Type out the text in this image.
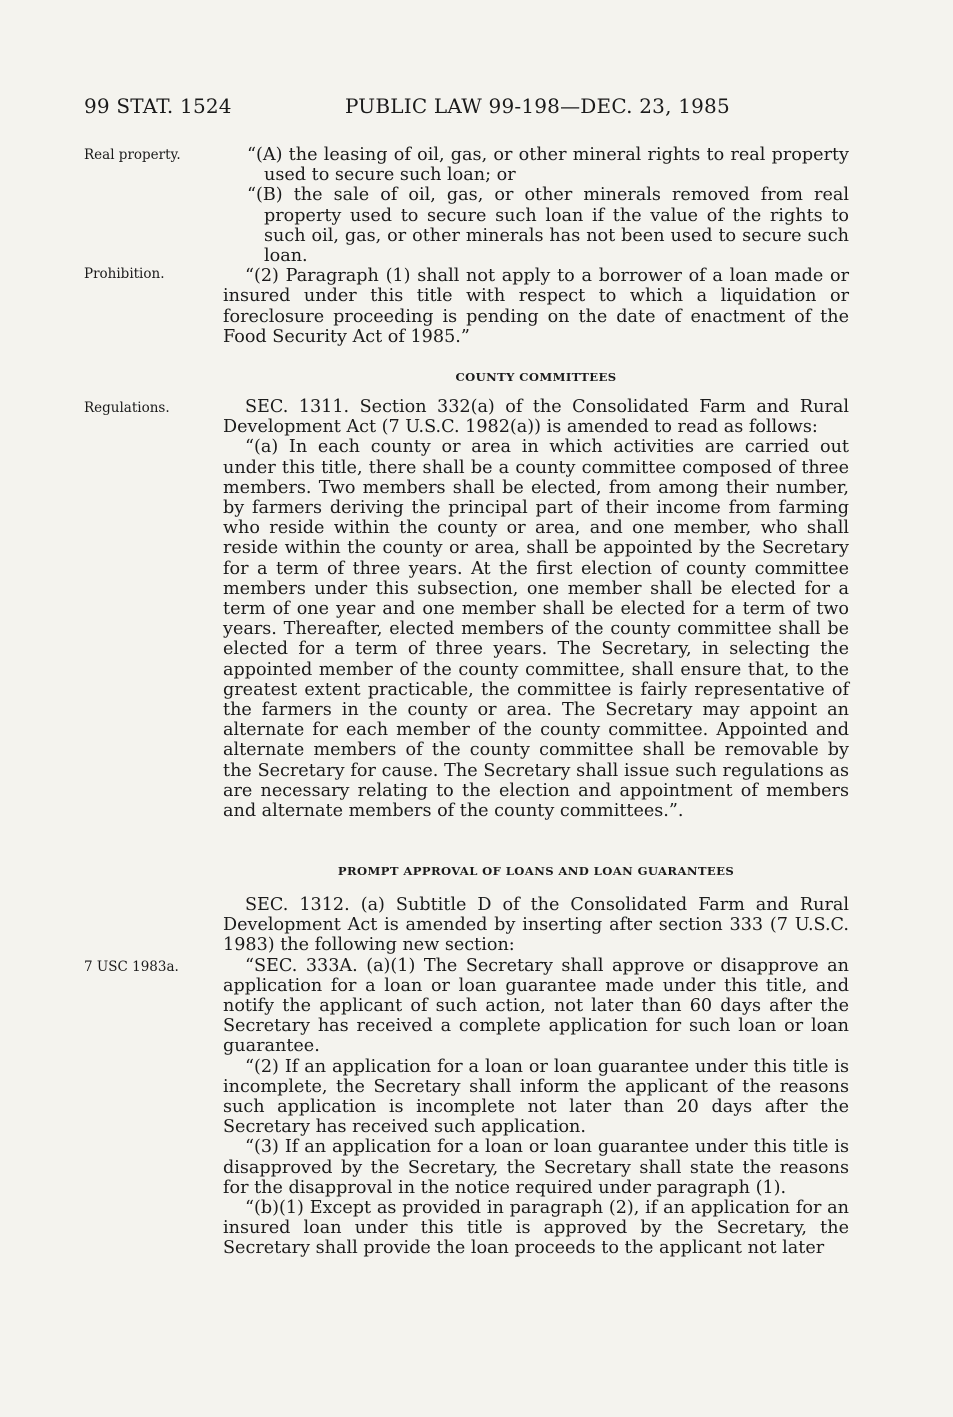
99 STAT. 1524	PUBLIC LAW 99-198—DEC. 23, 1985
Real property.
Prohibition.
Regulations.
7 USC 1983a.

“(A) the leasing of oil, gas, or other mineral rights to real property used to secure such loan; or

“(B) the sale of oil, gas, or other minerals removed from real property used to secure such loan if the value of the rights to such oil, gas, or other minerals has not been used to secure such loan.

“(2) Paragraph (1) shall not apply to a borrower of a loan made or insured under this title with respect to which a liquidation or foreclosure proceeding is pending on the date of enactment of the Food Security Act of 1985.”

COUNTY COMMITTEES

SEC. 1311. Section 332(a) of the Consolidated Farm and Rural Development Act (7 U.S.C. 1982(a)) is amended to read as follows:

“(a) In each county or area in which activities are carried out under this title, there shall be a county committee composed of three members. Two members shall be elected, from among their number, by farmers deriving the principal part of their income from farming who reside within the county or area, and one member, who shall reside within the county or area, shall be appointed by the Secretary for a term of three years. At the first election of county committee members under this subsection, one member shall be elected for a term of one year and one member shall be elected for a term of two years. Thereafter, elected members of the county committee shall be elected for a term of three years. The Secretary, in selecting the appointed member of the county committee, shall ensure that, to the greatest extent practicable, the committee is fairly representative of the farmers in the county or area. The Secretary may appoint an alternate for each member of the county committee. Appointed and alternate members of the county committee shall be removable by the Secretary for cause. The Secretary shall issue such regulations as are necessary relating to the election and appointment of members and alternate members of the county committees.”.

PROMPT APPROVAL OF LOANS AND LOAN GUARANTEES

SEC. 1312. (a) Subtitle D of the Consolidated Farm and Rural Development Act is amended by inserting after section 333 (7 U.S.C. 1983) the following new section:

“SEC. 333A. (a)(1) The Secretary shall approve or disapprove an application for a loan or loan guarantee made under this title, and notify the applicant of such action, not later than 60 days after the Secretary has received a complete application for such loan or loan guarantee.

“(2) If an application for a loan or loan guarantee under this title is incomplete, the Secretary shall inform the applicant of the reasons such application is incomplete not later than 20 days after the Secretary has received such application.

“(3) If an application for a loan or loan guarantee under this title is disapproved by the Secretary, the Secretary shall state the reasons for the disapproval in the notice required under paragraph (1).

“(b)(1) Except as provided in paragraph (2), if an application for an insured loan under this title is approved by the Secretary, the Secretary shall provide the loan proceeds to the applicant not later
